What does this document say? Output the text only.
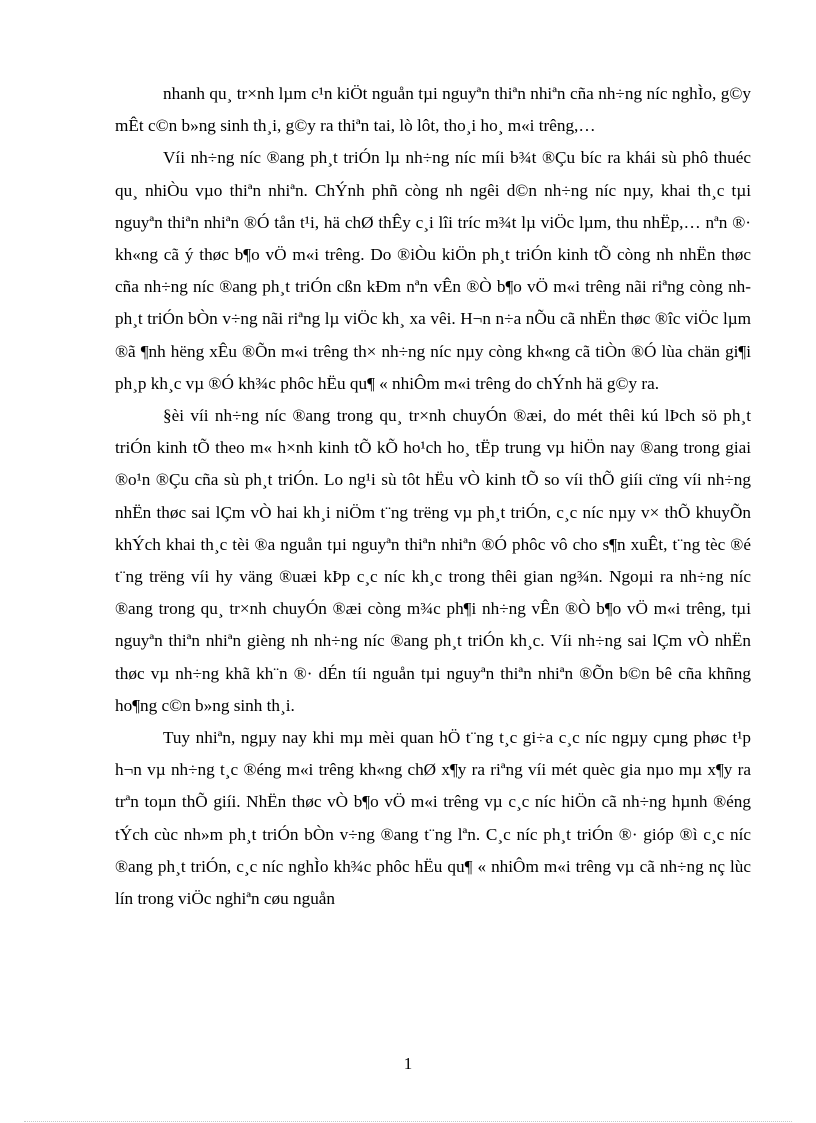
nhanh qu¸ tr×nh lµm c¹n kiÖt nguån tµi nguyªn thiªn nhiªn cña nh÷ng níc nghÌo, g©y mÊt c©n b»ng sinh th¸i, g©y ra thiªn tai, lò lôt, tho¸i ho¸ m«i trêng,…

Víi nh÷ng níc ®ang ph¸t triÓn lµ nh÷ng níc míi b¾t ®Çu bíc ra khái sù phô thuéc qu¸ nhiÒu vµo thiªn nhiªn. ChÝnh phñ còng nh ngêi d©n nh÷ng níc nµy, khai th¸c tµi nguyªn thiªn nhiªn ®Ó tån t¹i, hä chØ thÊy c¸i lîi tríc m¾t lµ viÖc lµm, thu nhËp,… nªn ®· kh«ng cã ý thøc b¶o vÖ m«i trêng. Do ®iÒu kiÖn ph¸t triÓn kinh tÕ còng nh nhËn thøc cña nh÷ng níc ®ang ph¸t triÓn cßn kÐm nªn vÊn ®Ò b¶o vÖ m«i trêng nãi riªng còng nh ph¸t triÓn bÒn v÷ng nãi riªng lµ viÖc kh¸ xa vêi. H¬n n÷a nÕu cã nhËn thøc ®îc viÖc lµm ®ã ¶nh hëng xÊu ®Õn m«i trêng th× nh÷ng níc nµy còng kh«ng cã tiÒn ®Ó lùa chän gi¶i ph¸p kh¸c vµ ®Ó kh¾c phôc hËu qu¶ « nhiÔm m«i trêng do chÝnh hä g©y ra.

§èi víi nh÷ng níc ®ang trong qu¸ tr×nh chuyÓn ®æi, do mét thêi kú lÞch sö ph¸t triÓn kinh tÕ theo m« h×nh kinh tÕ kÕ ho¹ch ho¸ tËp trung vµ hiÖn nay ®ang trong giai ®o¹n ®Çu cña sù ph¸t triÓn. Lo ng¹i sù tôt hËu vÒ kinh tÕ so víi thÕ giíi cïng víi nh÷ng nhËn thøc sai lÇm vÒ hai kh¸i niÖm t¨ng trëng vµ ph¸t triÓn, c¸c níc nµy v× thÕ khuyÕn khÝch khai th¸c tèi ®a nguån tµi nguyªn thiªn nhiªn ®Ó phôc vô cho s¶n xuÊt, t¨ng tèc ®é t¨ng trëng víi hy väng ®uæi kÞp c¸c níc kh¸c trong thêi gian ng¾n. Ngoµi ra nh÷ng níc ®ang trong qu¸ tr×nh chuyÓn ®æi còng m¾c ph¶i nh÷ng vÊn ®Ò b¶o vÖ m«i trêng, tµi nguyªn thiªn nhiªn gièng nh nh÷ng níc ®ang ph¸t triÓn kh¸c. Víi nh÷ng sai lÇm vÒ nhËn thøc vµ nh÷ng khã kh¨n ®· dÉn tíi nguån tµi nguyªn thiªn nhiªn ®Õn b©n bê cña khñng ho¶ng c©n b»ng sinh th¸i.

Tuy nhiªn, ngµy nay khi mµ mèi quan hÖ t¨ng t¸c gi÷a c¸c níc ngµy cµng phøc t¹p h¬n vµ nh÷ng t¸c ®éng m«i trêng kh«ng chØ x¶y ra riªng víi mét quèc gia nµo mµ x¶y ra trªn toµn thÕ giíi. NhËn thøc vÒ b¶o vÖ m«i trêng vµ c¸c níc hiÖn cã nh÷ng hµnh ®éng tÝch cùc nh»m ph¸t triÓn bÒn v÷ng ®ang t¨ng lªn. C¸c níc ph¸t triÓn ®· gióp ®ì c¸c níc ®ang ph¸t triÓn, c¸c níc nghÌo kh¾c phôc hËu qu¶ « nhiÔm m«i trêng vµ cã nh÷ng nç lùc lín trong viÖc nghiªn cøu nguån

1
